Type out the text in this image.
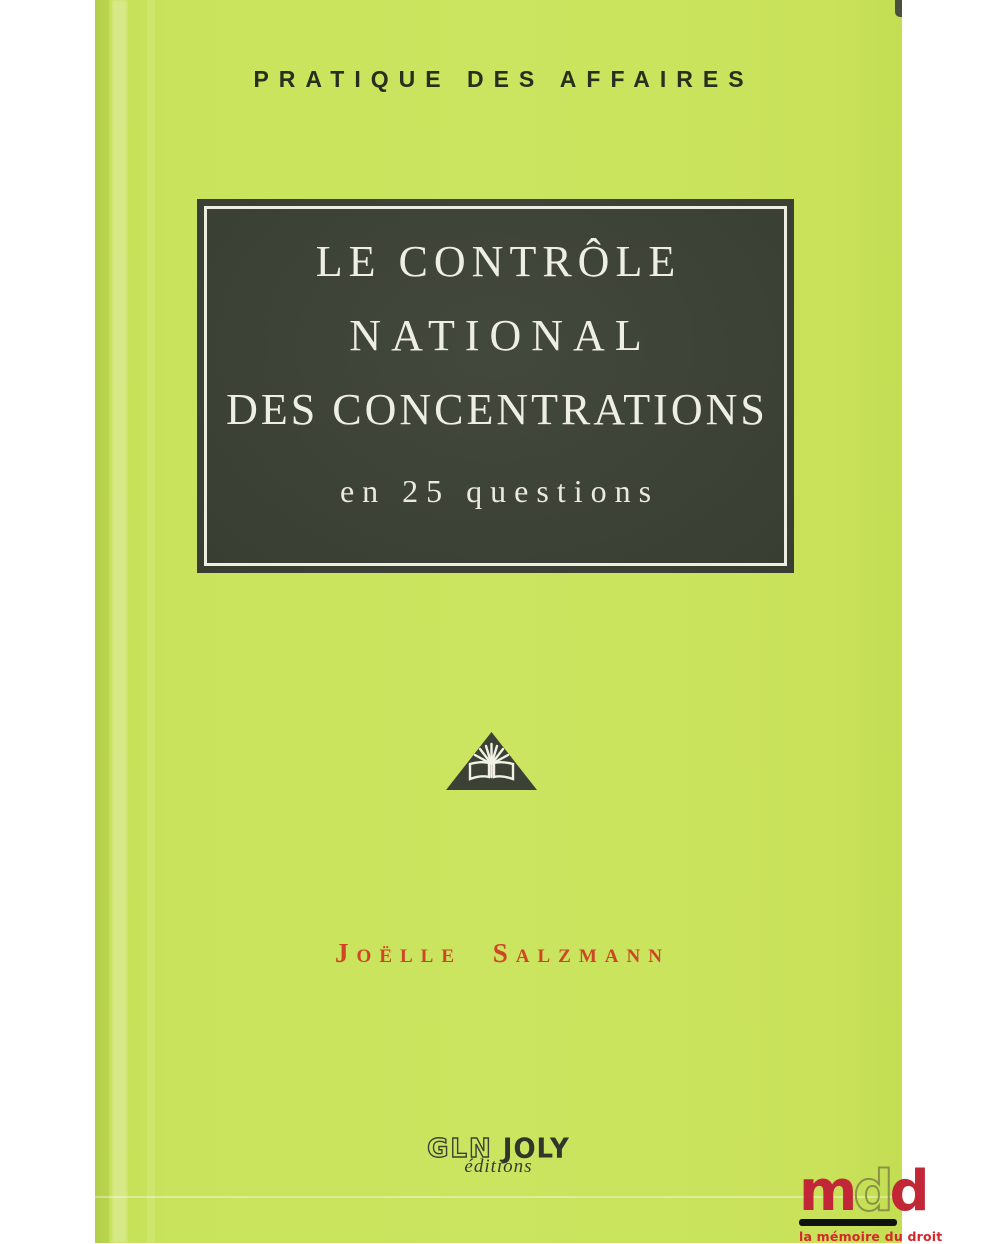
PRATIQUE DES AFFAIRES
LE CONTRÔLE
NATIONAL
DES CONCENTRATIONS
en 25 questions
Joëlle Salzmann
GLN JOLY
éditions	mdd
la mémoire du droit
